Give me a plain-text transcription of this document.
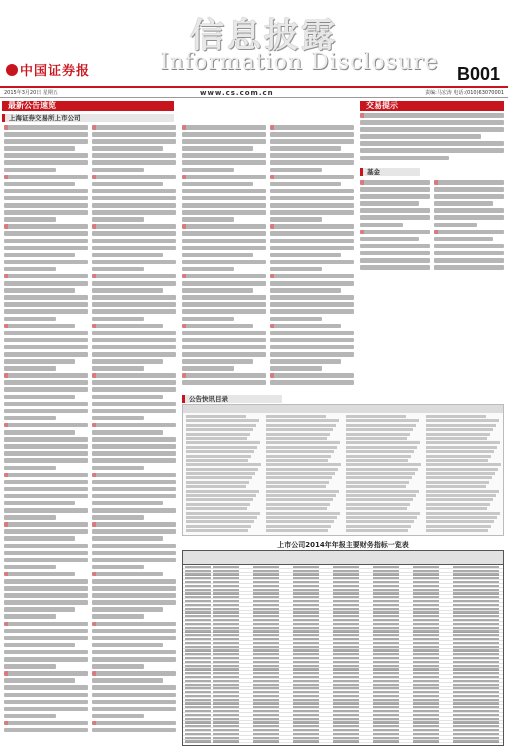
中国证券报
信息披露
Information Disclosure B001
2015年3月20日 星期五	www.cs.com.cn	责编:马宏涛 电话:(010)63070001
最新公告速览
上海证券交易所上市公司
交易提示
基金
公告快讯目录
上市公司2014年年报主要财务指标一览表
